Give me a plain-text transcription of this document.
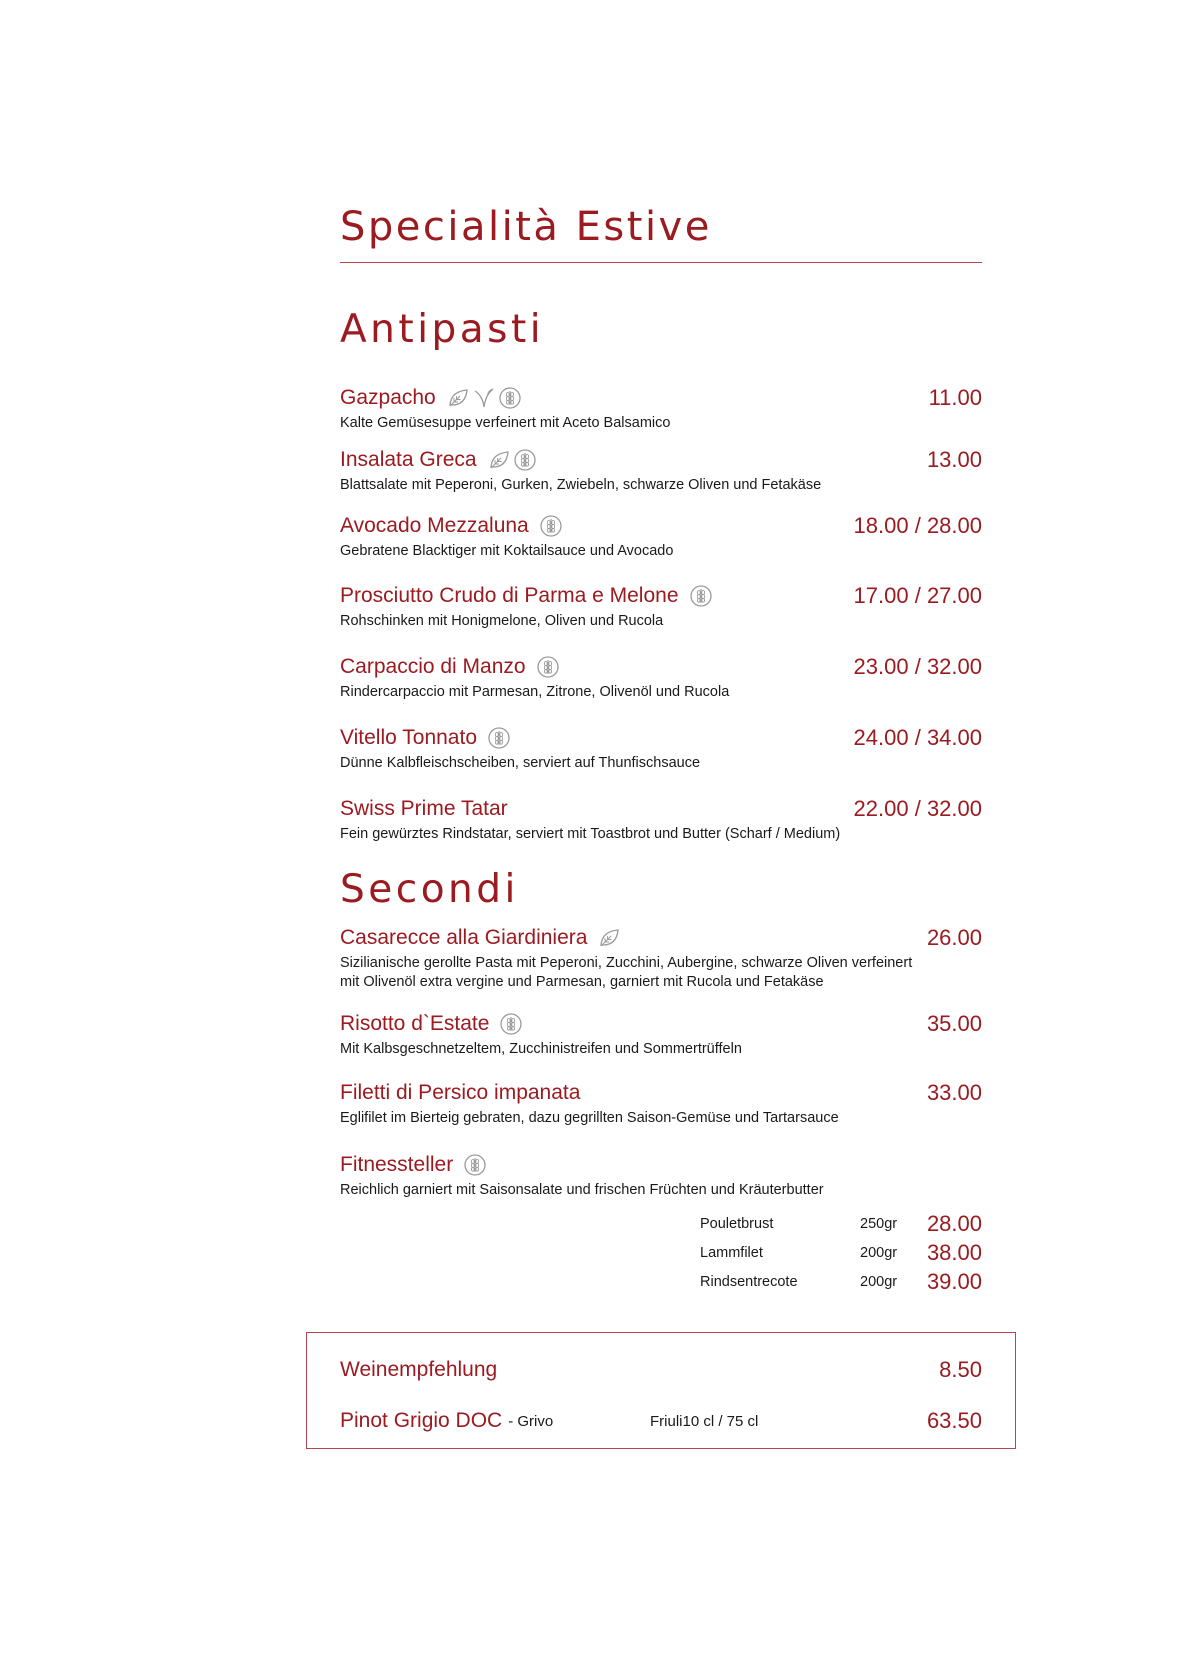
Specialità Estive
Antipasti
Gazpacho	11.00
Kalte Gemüsesuppe verfeinert mit Aceto Balsamico
Insalata Greca	13.00
Blattsalate mit Peperoni, Gurken, Zwiebeln, schwarze Oliven und Fetakäse
Avocado Mezzaluna	18.00 / 28.00
Gebratene Blacktiger mit Koktailsauce und Avocado
Prosciutto Crudo di Parma e Melone	17.00 / 27.00
Rohschinken mit Honigmelone, Oliven und Rucola
Carpaccio di Manzo	23.00 / 32.00
Rindercarpaccio mit Parmesan, Zitrone, Olivenöl und Rucola
Vitello Tonnato	24.00 / 34.00
Dünne Kalbfleischscheiben, serviert auf Thunfischsauce
Swiss Prime Tatar	22.00 / 32.00
Fein gewürztes Rindstatar, serviert mit Toastbrot und Butter (Scharf / Medium)
Secondi
Casarecce alla Giardiniera	26.00
Sizilianische gerollte Pasta mit Peperoni, Zucchini, Aubergine, schwarze Oliven verfeinert mit Olivenöl extra vergine und Parmesan, garniert mit Rucola und Fetakäse
Risotto d`Estate	35.00
Mit Kalbsgeschnetzeltem, Zucchinistreifen und Sommertrüffeln
Filetti di Persico impanata	33.00
Eglifilet im Bierteig gebraten, dazu gegrillten Saison-Gemüse und Tartarsauce
Fitnessteller
Reichlich garniert mit Saisonsalate und frischen Früchten und Kräuterbutter
Pouletbrust	250gr	28.00
Lammfilet	200gr	38.00
Rindsentrecote	200gr	39.00
Weinempfehlung	8.50
Pinot Grigio DOC - Grivo	Friuli10 cl / 75 cl	63.50
